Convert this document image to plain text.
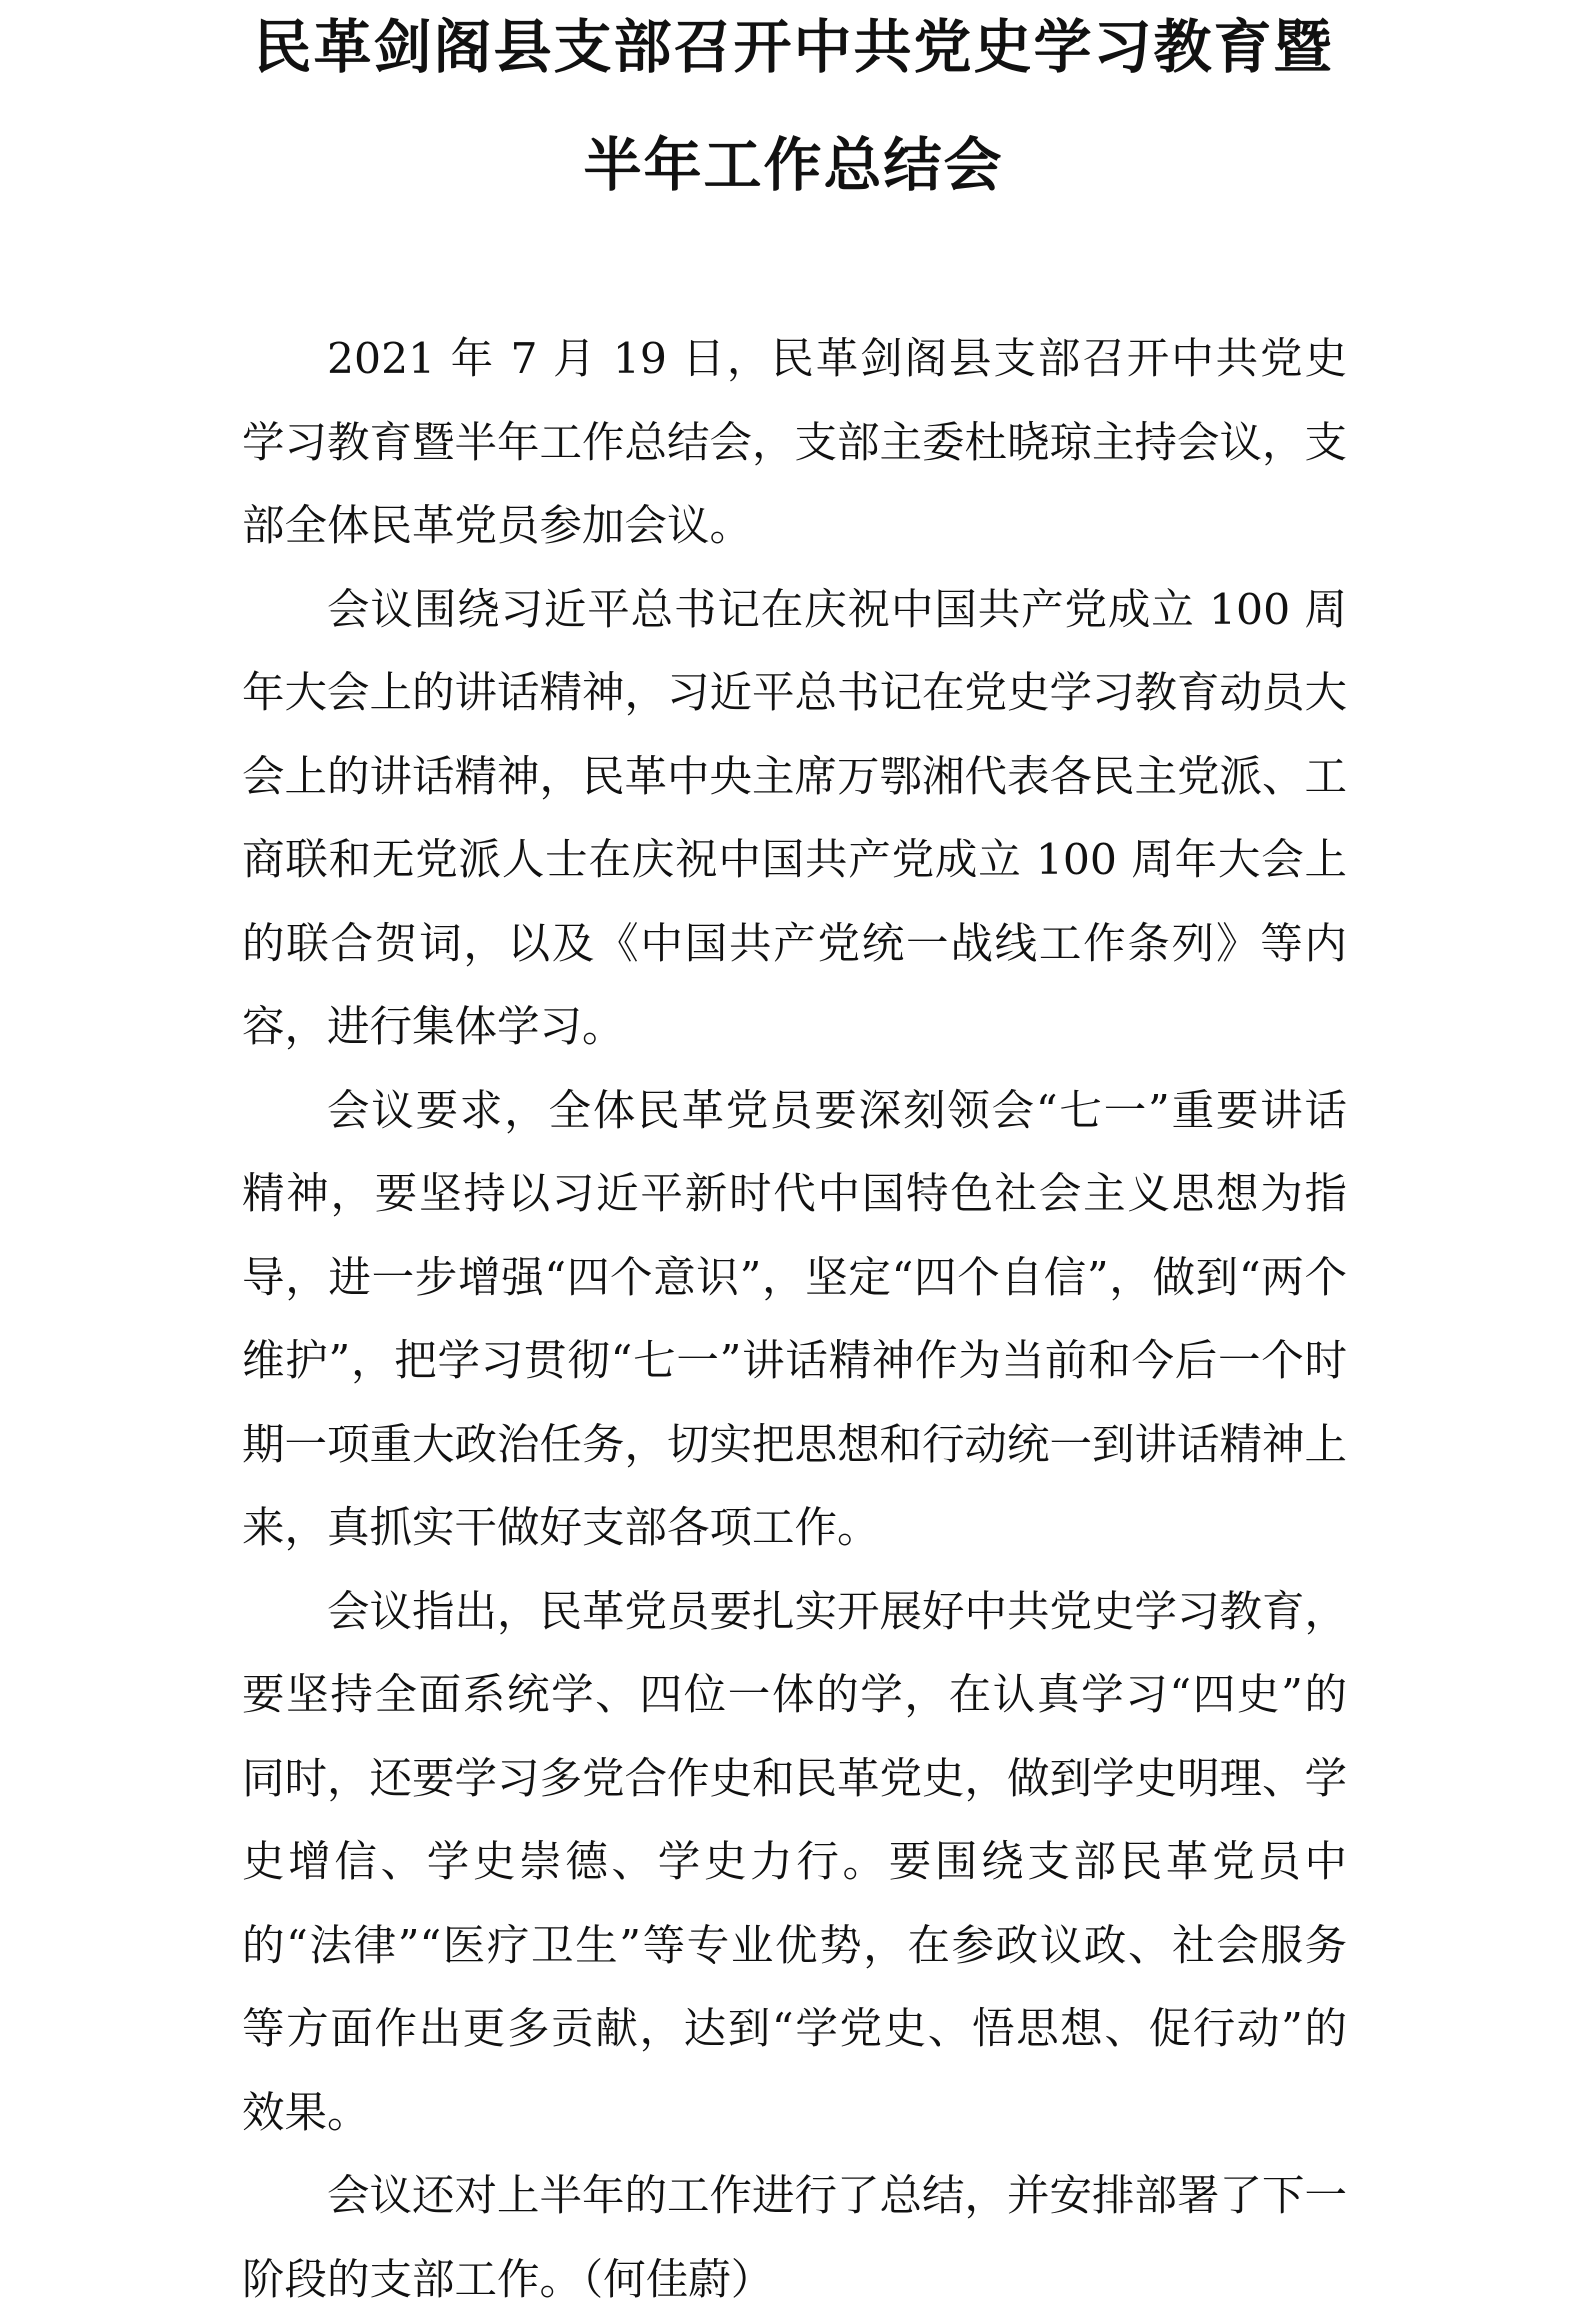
民革剑阁县支部召开中共党史学习教育暨
半年工作总结会

2021 年 7 月 19 日，民革剑阁县支部召开中共党史学习教育暨半年工作总结会，支部主委杜晓琼主持会议，支部全体民革党员参加会议。

会议围绕习近平总书记在庆祝中国共产党成立 100 周年大会上的讲话精神，习近平总书记在党史学习教育动员大会上的讲话精神，民革中央主席万鄂湘代表各民主党派、工商联和无党派人士在庆祝中国共产党成立 100 周年大会上的联合贺词，以及《中国共产党统一战线工作条列》等内容，进行集体学习。

会议要求，全体民革党员要深刻领会“七一”重要讲话精神，要坚持以习近平新时代中国特色社会主义思想为指导，进一步增强“四个意识”，坚定“四个自信”，做到“两个维护”，把学习贯彻“七一”讲话精神作为当前和今后一个时期一项重大政治任务，切实把思想和行动统一到讲话精神上来，真抓实干做好支部各项工作。

会议指出，民革党员要扎实开展好中共党史学习教育，要坚持全面系统学、四位一体的学，在认真学习“四史”的同时，还要学习多党合作史和民革党史，做到学史明理、学史增信、学史崇德、学史力行。要围绕支部民革党员中的“法律”“医疗卫生”等专业优势，在参政议政、社会服务等方面作出更多贡献，达到“学党史、悟思想、促行动”的效果。

会议还对上半年的工作进行了总结，并安排部署了下一阶段的支部工作。（何佳蔚）
